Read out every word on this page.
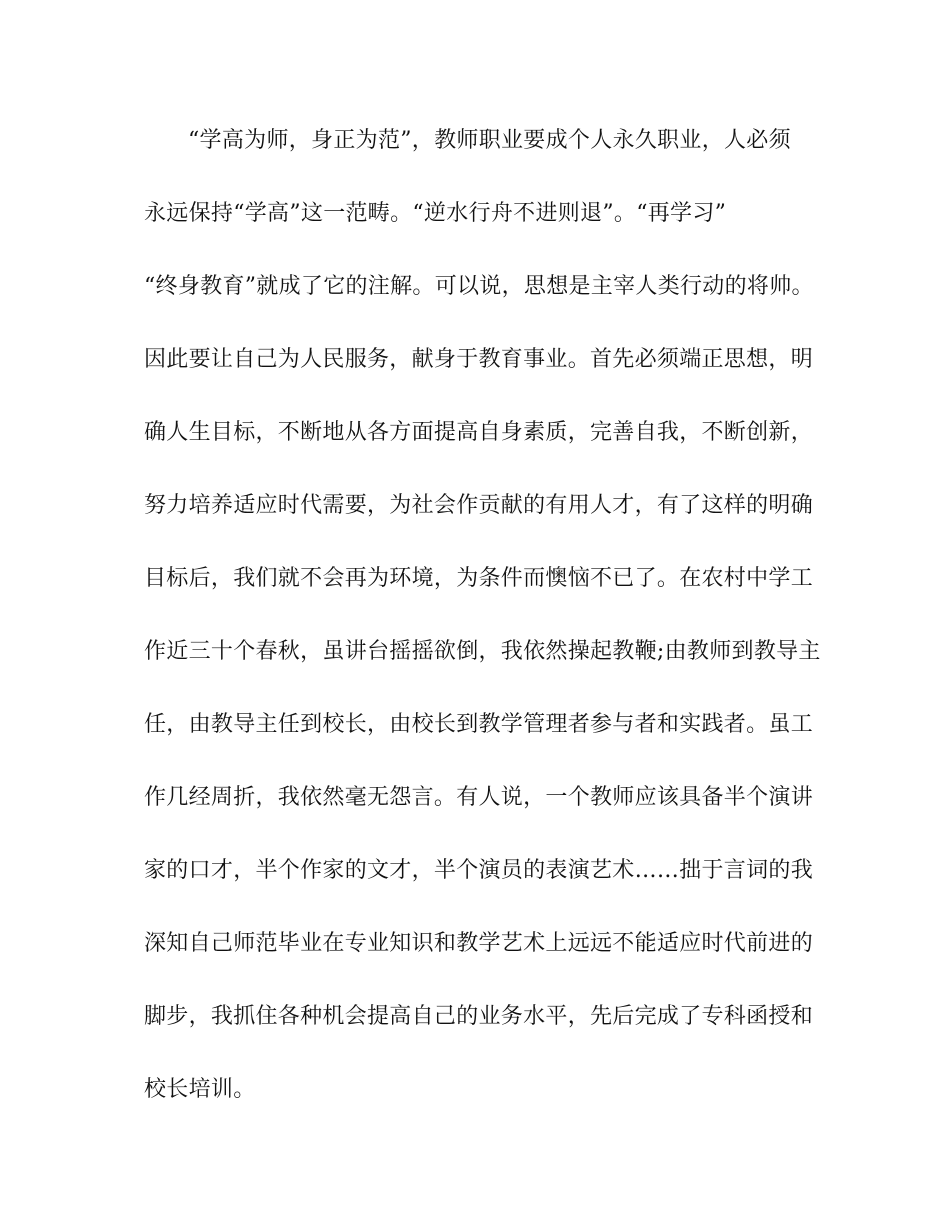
“学高为师，身正为范”，教师职业要成个人永久职业，人必须
永远保持“学高”这一范畴。“逆水行舟不进则退”。“再学习”
“终身教育”就成了它的注解。可以说，思想是主宰人类行动的将帅。
因此要让自己为人民服务，献身于教育事业。首先必须端正思想，明
确人生目标，不断地从各方面提高自身素质，完善自我，不断创新，
努力培养适应时代需要，为社会作贡献的有用人才，有了这样的明确
目标后，我们就不会再为环境，为条件而懊恼不已了。在农村中学工
作近三十个春秋，虽讲台摇摇欲倒，我依然操起教鞭;由教师到教导主
任，由教导主任到校长，由校长到教学管理者参与者和实践者。虽工
作几经周折，我依然毫无怨言。有人说，一个教师应该具备半个演讲
家的口才，半个作家的文才，半个演员的表演艺术……拙于言词的我
深知自己师范毕业在专业知识和教学艺术上远远不能适应时代前进的
脚步，我抓住各种机会提高自己的业务水平，先后完成了专科函授和
校长培训。
